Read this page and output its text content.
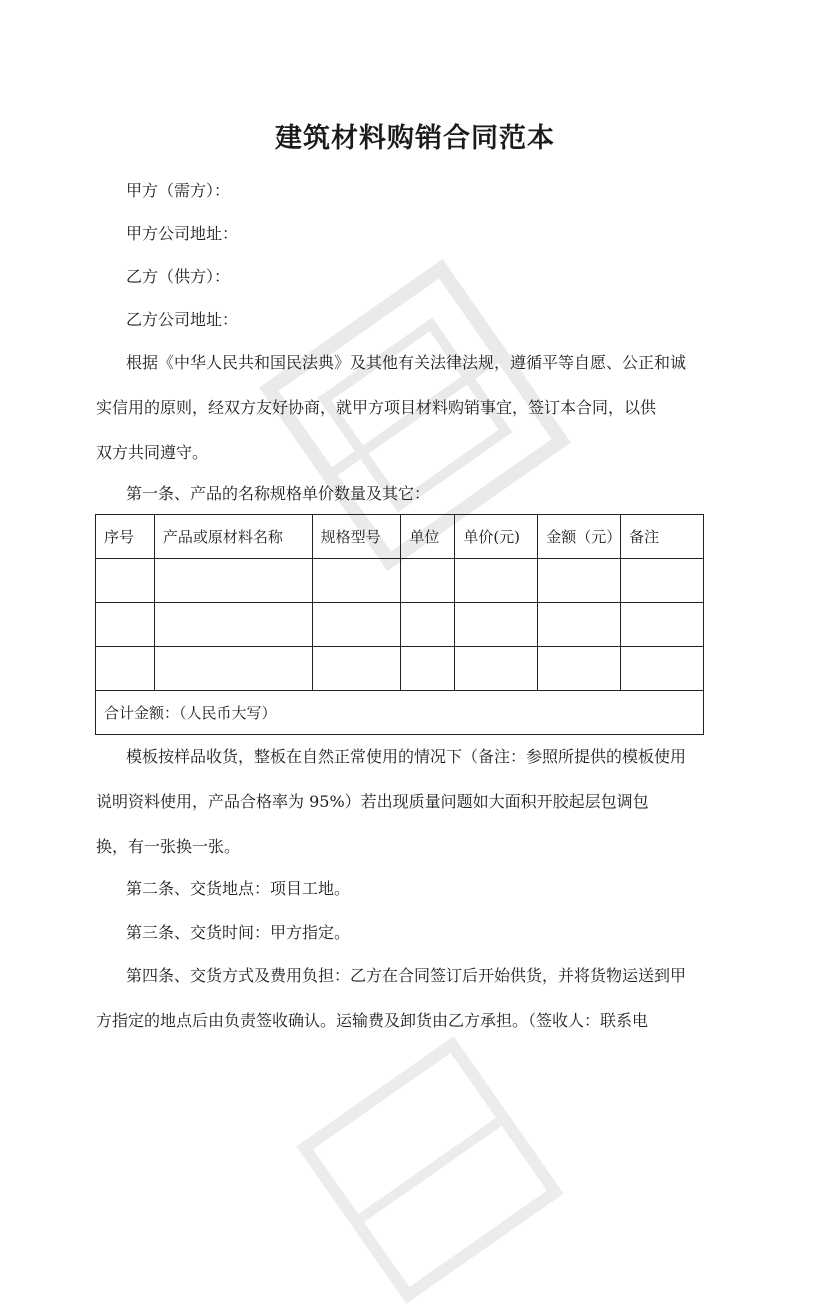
建筑材料购销合同范本
甲方（需方）：
甲方公司地址：
乙方（供方）：
乙方公司地址：
根据《中华人民共和国民法典》及其他有关法律法规，遵循平等自愿、公正和诚
实信用的原则，经双方友好协商，就甲方项目材料购销事宜，签订本合同，以供
双方共同遵守。
第一条、产品的名称规格单价数量及其它：
序号	产品或原材料名称	规格型号	单位	单价(元)	金额（元）	备注

合计金额：（人民币大写）						
模板按样品收货，整板在自然正常使用的情况下（备注：参照所提供的模板使用
说明资料使用，产品合格率为 95%）若出现质量问题如大面积开胶起层包调包
换，有一张换一张。
第二条、交货地点：项目工地。
第三条、交货时间：甲方指定。
第四条、交货方式及费用负担：乙方在合同签订后开始供货，并将货物运送到甲
方指定的地点后由负责签收确认。运输费及卸货由乙方承担。（签收人：联系电
